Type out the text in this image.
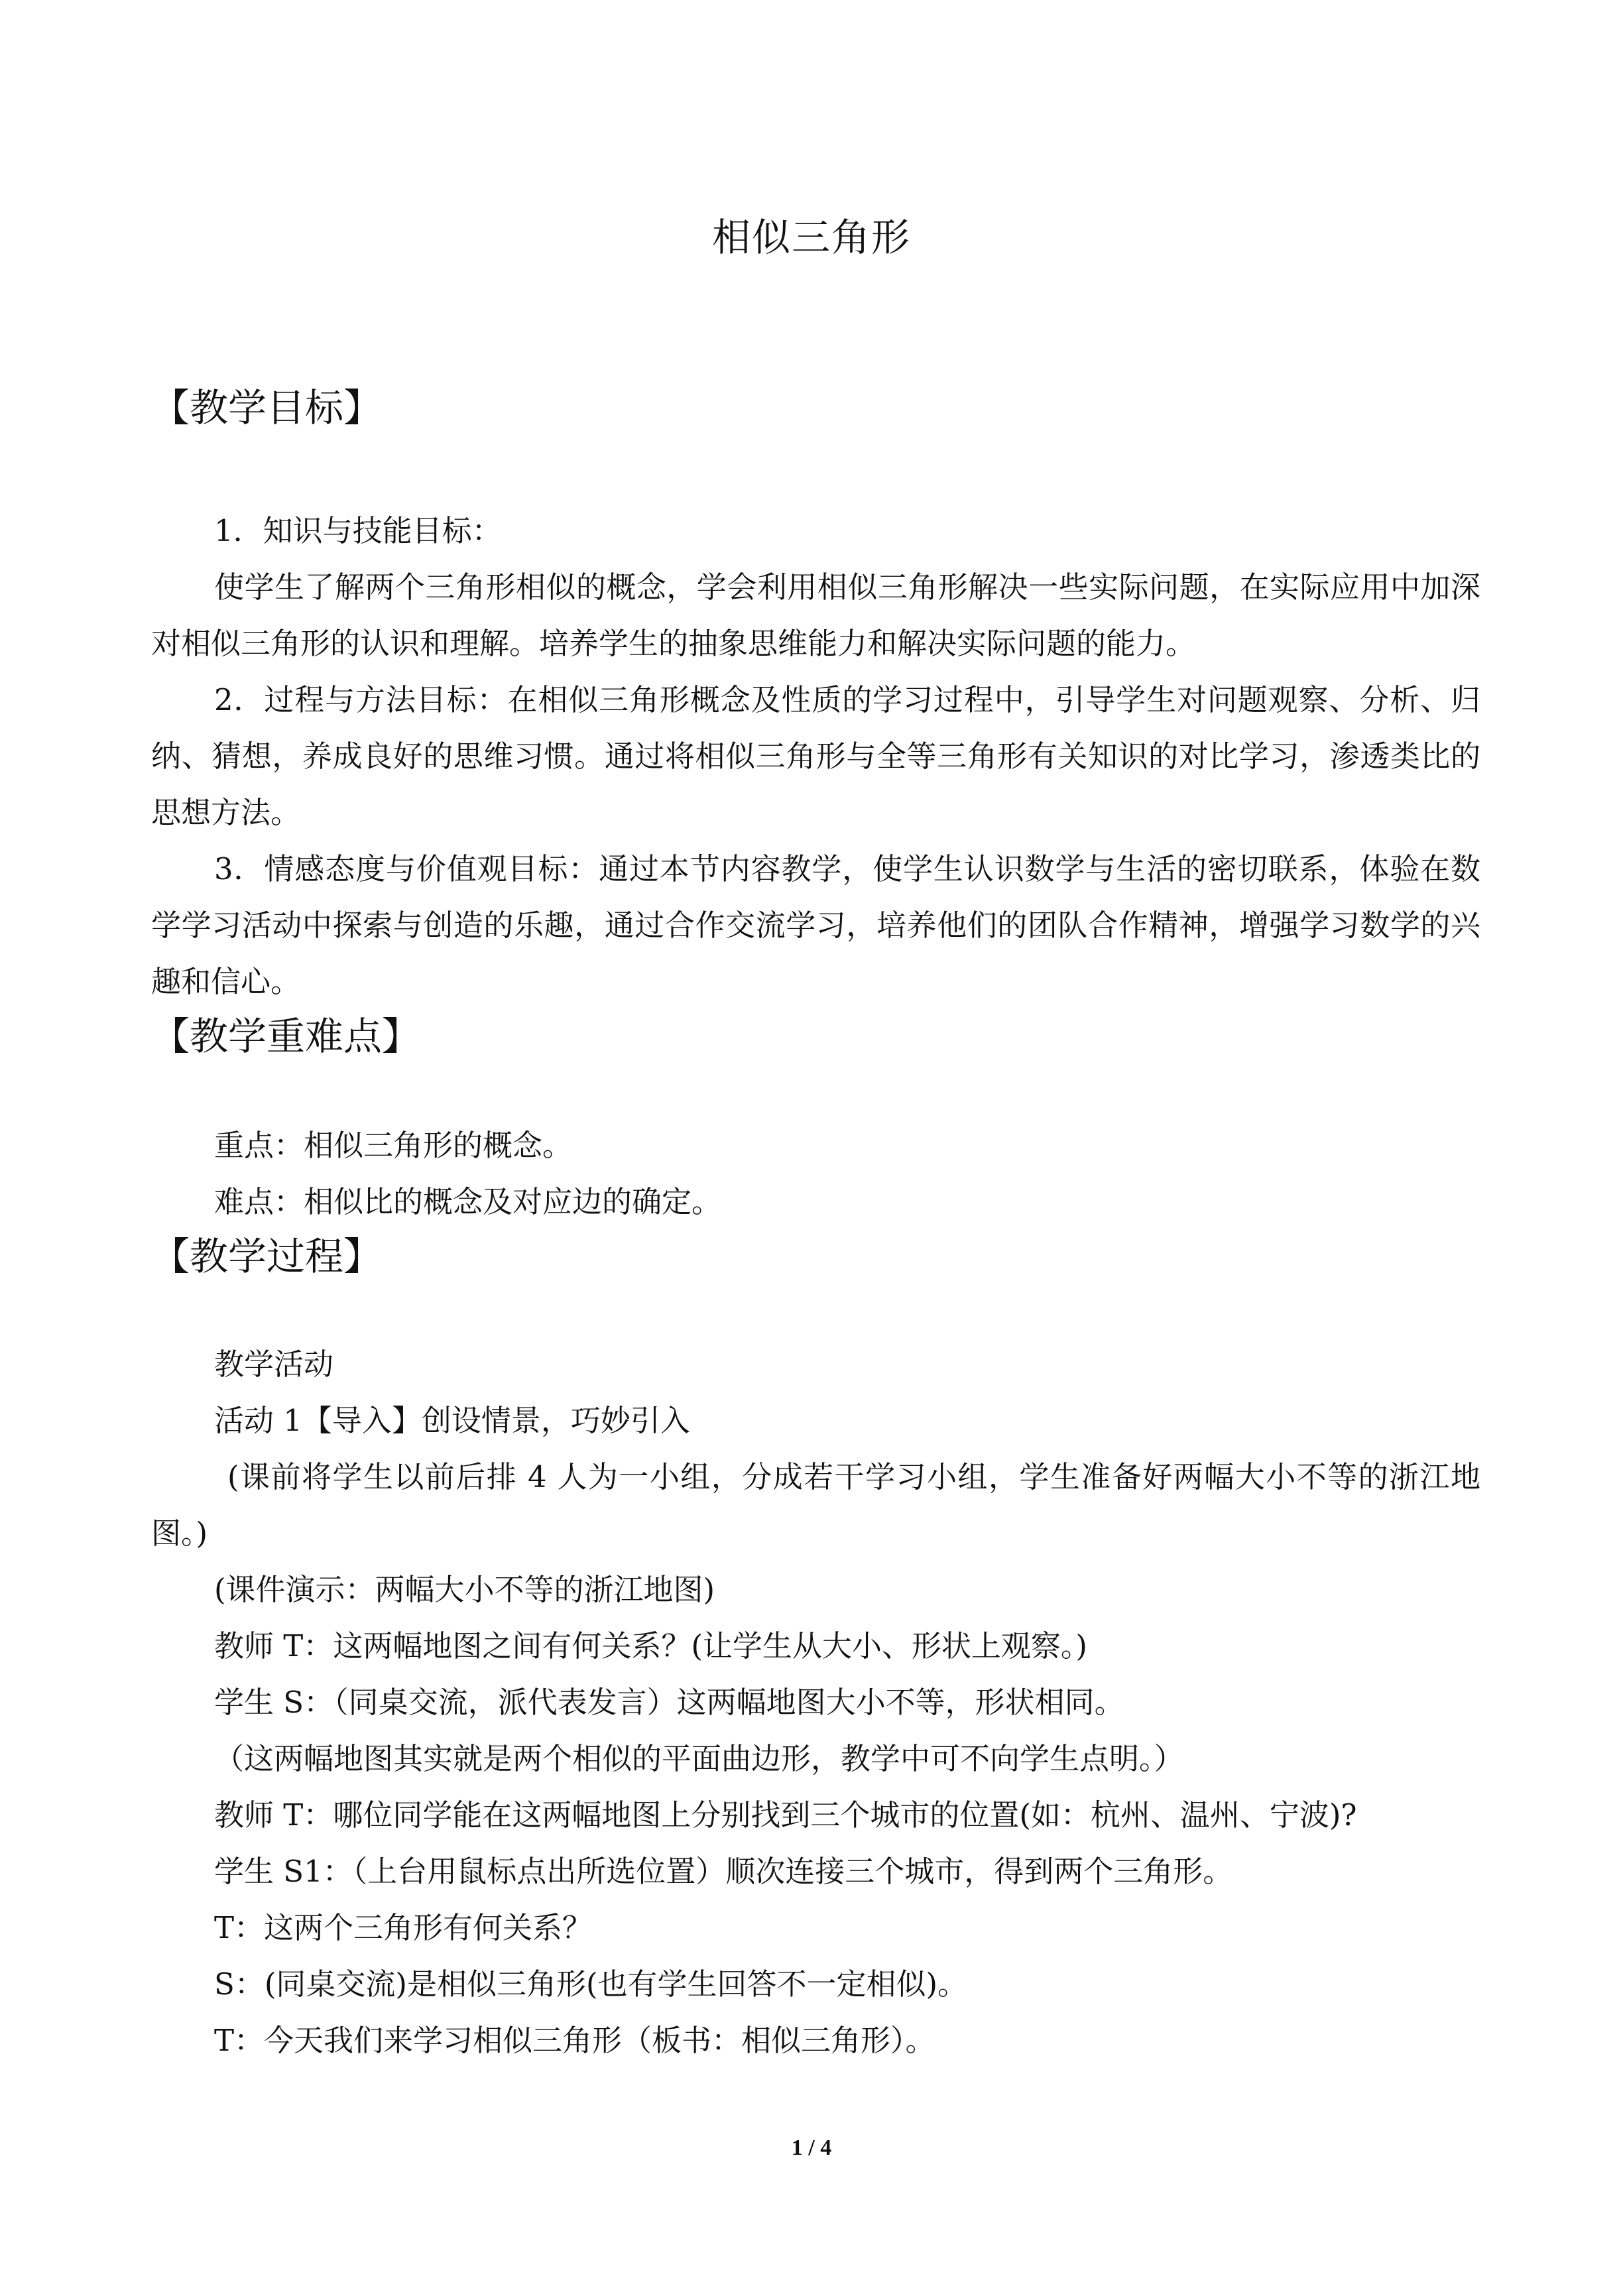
相似三角形

【教学目标】

1．知识与技能目标：

使学生了解两个三角形相似的概念，学会利用相似三角形解决一些实际问题，在实际应用中加深对相似三角形的认识和理解。培养学生的抽象思维能力和解决实际问题的能力。

2．过程与方法目标：在相似三角形概念及性质的学习过程中，引导学生对问题观察、分析、归纳、猜想，养成良好的思维习惯。通过将相似三角形与全等三角形有关知识的对比学习，渗透类比的思想方法。

3．情感态度与价值观目标：通过本节内容教学，使学生认识数学与生活的密切联系，体验在数学学习活动中探索与创造的乐趣，通过合作交流学习，培养他们的团队合作精神，增强学习数学的兴趣和信心。

【教学重难点】

重点：相似三角形的概念。

难点：相似比的概念及对应边的确定。

【教学过程】

教学活动

活动 1【导入】创设情景，巧妙引入

(课前将学生以前后排 4 人为一小组，分成若干学习小组，学生准备好两幅大小不等的浙江地图。)

(课件演示：两幅大小不等的浙江地图)

教师 T：这两幅地图之间有何关系？(让学生从大小、形状上观察。)

学生 S：（同桌交流，派代表发言）这两幅地图大小不等，形状相同。

（这两幅地图其实就是两个相似的平面曲边形，教学中可不向学生点明。）

教师 T：哪位同学能在这两幅地图上分别找到三个城市的位置(如：杭州、温州、宁波)?

学生 S1：（上台用鼠标点出所选位置）顺次连接三个城市，得到两个三角形。

T：这两个三角形有何关系？

S：(同桌交流)是相似三角形(也有学生回答不一定相似)。

T：今天我们来学习相似三角形（板书：相似三角形）。

1 / 4
